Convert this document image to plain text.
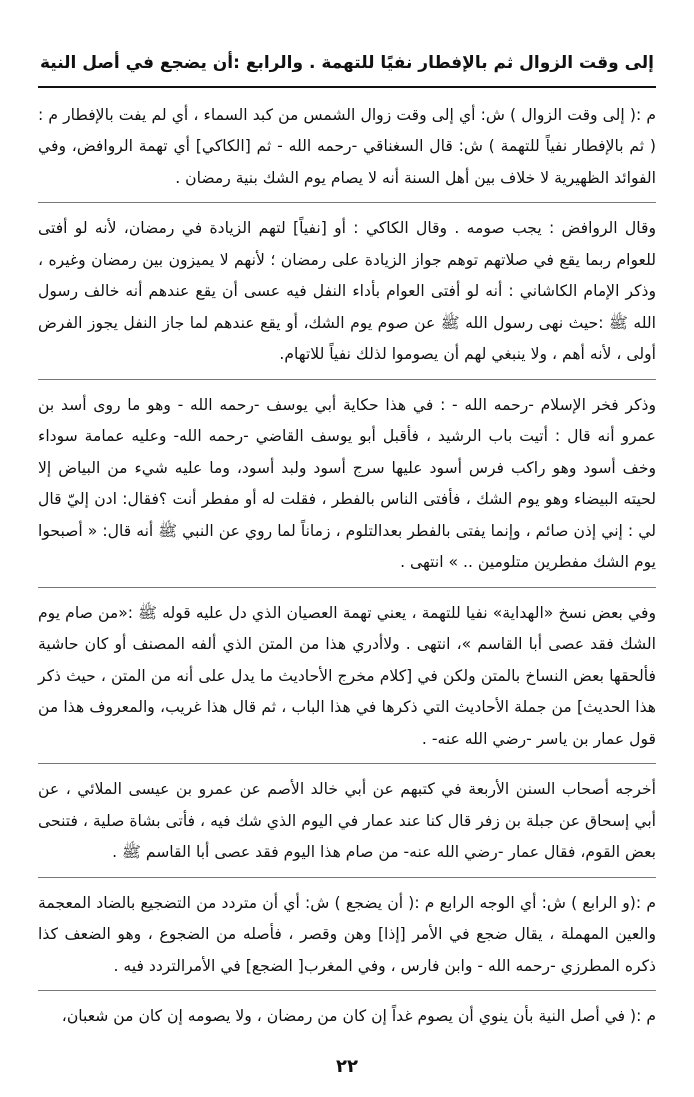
إلى وقت الزوال ثم بالإفطار نفيًا للتهمة . والرابع :أن يضجع في أصل النية

م :( إلى وقت الزوال ) ش: أي إلى وقت زوال الشمس من كبد السماء ، أي لم يفت بالإفطار م :( ثم بالإفطار نفياً للتهمة ) ش: قال السغناقي -رحمه الله - ثم [الكاكي] أي تهمة الروافض، وفي الفوائد الظهيرية لا خلاف بين أهل السنة أنه لا يصام يوم الشك بنية رمضان .

وقال الروافض : يجب صومه . وقال الكاكي : أو [نفياً] لتهم الزيادة في رمضان، لأنه لو أفتى للعوام ربما يقع في صلاتهم توهم جواز الزيادة على رمضان ؛ لأنهم لا يميزون بين رمضان وغيره ، وذكر الإمام الكاشاني : أنه لو أفتى العوام بأداء النفل فيه عسى أن يقع عندهم أنه خالف رسول الله ﷺ :حيث نهى رسول الله ﷺ عن صوم يوم الشك، أو يقع عندهم لما جاز النفل يجوز الفرض أولى ، لأنه أهم ، ولا ينبغي لهم أن يصوموا لذلك نفياً للاتهام.

وذكر فخر الإسلام -رحمه الله - : في هذا حكاية أبي يوسف -رحمه الله - وهو ما روى أسد بن عمرو أنه قال : أتيت باب الرشيد ، فأقبل أبو يوسف القاضي -رحمه الله- وعليه عمامة سوداء وخف أسود وهو راكب فرس أسود عليها سرج أسود ولبد أسود، وما عليه شيء من البياض إلا لحيته البيضاء وهو يوم الشك ، فأفتى الناس بالفطر ، فقلت له أو مفطر أنت ؟فقال: ادن إليّ قال لي : إني إذن صائم ، وإنما يفتى بالفطر بعدالتلوم ، زماناً لما روي عن النبي ﷺ أنه قال: « أصبحوا يوم الشك مفطرين متلومين .. » انتهى .

وفي بعض نسخ «الهداية» نفيا للتهمة ، يعني تهمة العصيان الذي دل عليه قوله ﷺ :«من صام يوم الشك فقد عصى أبا القاسم »، انتهى . ولاأدري هذا من المتن الذي ألفه المصنف أو كان حاشية فألحقها بعض النساخ بالمتن ولكن في [كلام مخرج الأحاديث ما يدل على أنه من المتن ، حيث ذكر هذا الحديث] من جملة الأحاديث التي ذكرها في هذا الباب ، ثم قال هذا غريب، والمعروف هذا من قول عمار بن ياسر -رضي الله عنه- .

أخرجه أصحاب السنن الأربعة في كتبهم عن أبي خالد الأصم عن عمرو بن عيسى الملائي ، عن أبي إسحاق عن جبلة بن زفر قال كنا عند عمار في اليوم الذي شك فيه ، فأتى بشاة صلية ، فتنحى بعض القوم، فقال عمار -رضي الله عنه- من صام هذا اليوم فقد عصى أبا القاسم ﷺ .

م :(و الرابع ) ش: أي الوجه الرابع م :( أن يضجع ) ش: أي أن متردد من التضجيع بالضاد المعجمة والعين المهملة ، يقال ضجع في الأمر [إذا] وهن وقصر ، فأصله من الضجوع ، وهو الضعف كذا ذكره المطرزي -رحمه الله - وابن فارس ، وفي المغرب[ الضجع] في الأمرالتردد فيه .

م :( في أصل النية بأن ينوي أن يصوم غداً إن كان من رمضان ، ولا يصومه إن كان من شعبان،

٢٢
